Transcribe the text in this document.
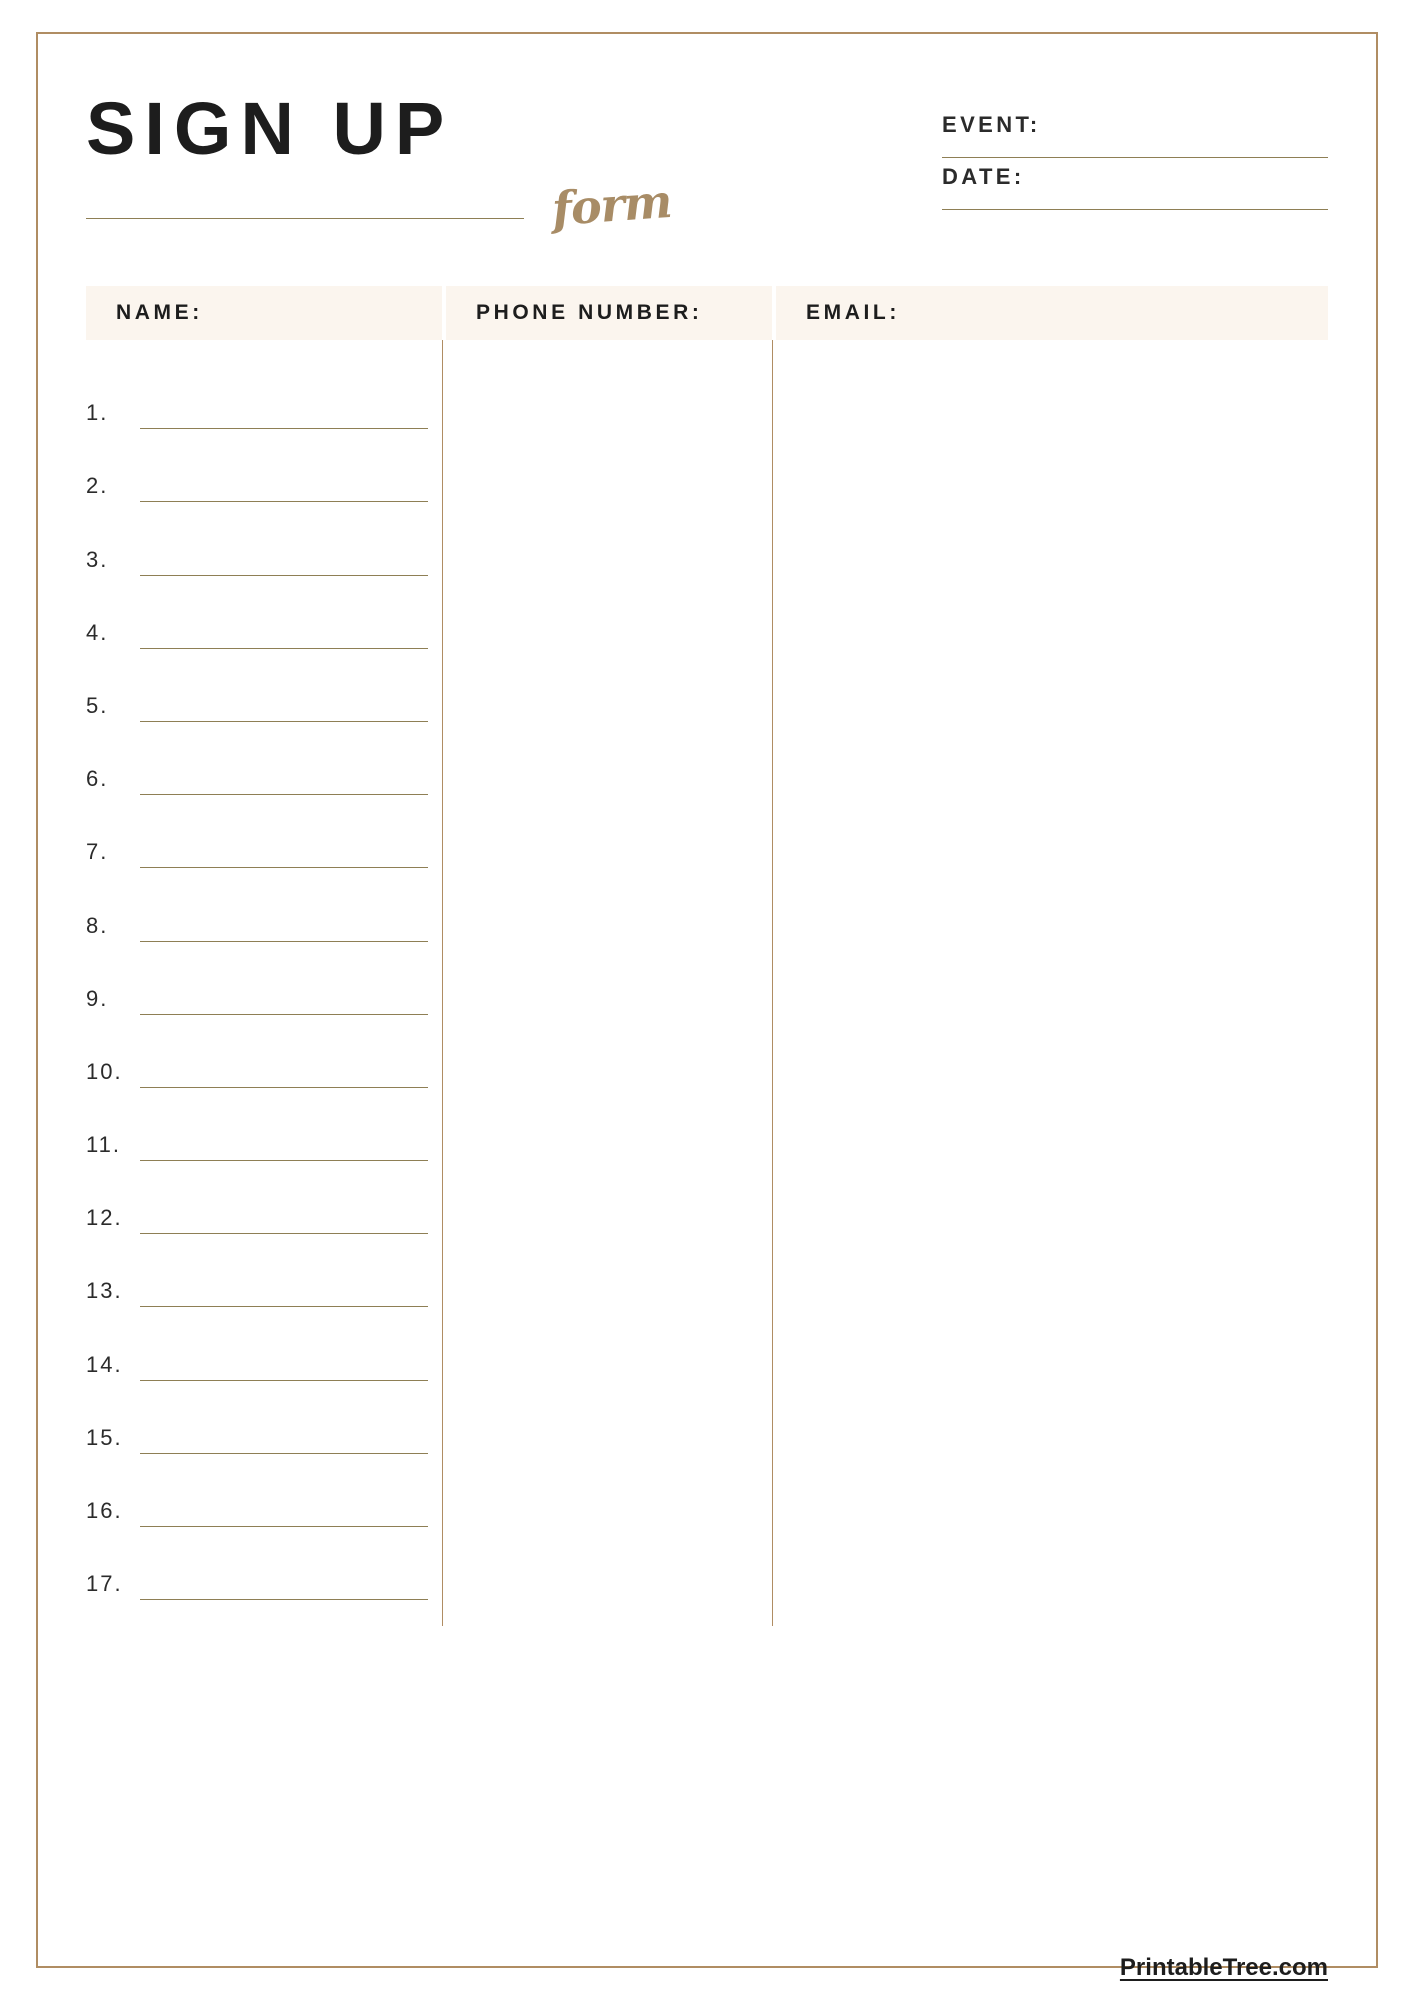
SIGN UP
form
EVENT:
DATE:
NAME:	PHONE NUMBER:	EMAIL:
1.
2.
3.
4.
5.
6.
7.
8.
9.
10.
11.
12.
13.
14.
15.
16.
17.
PrintableTree.com
